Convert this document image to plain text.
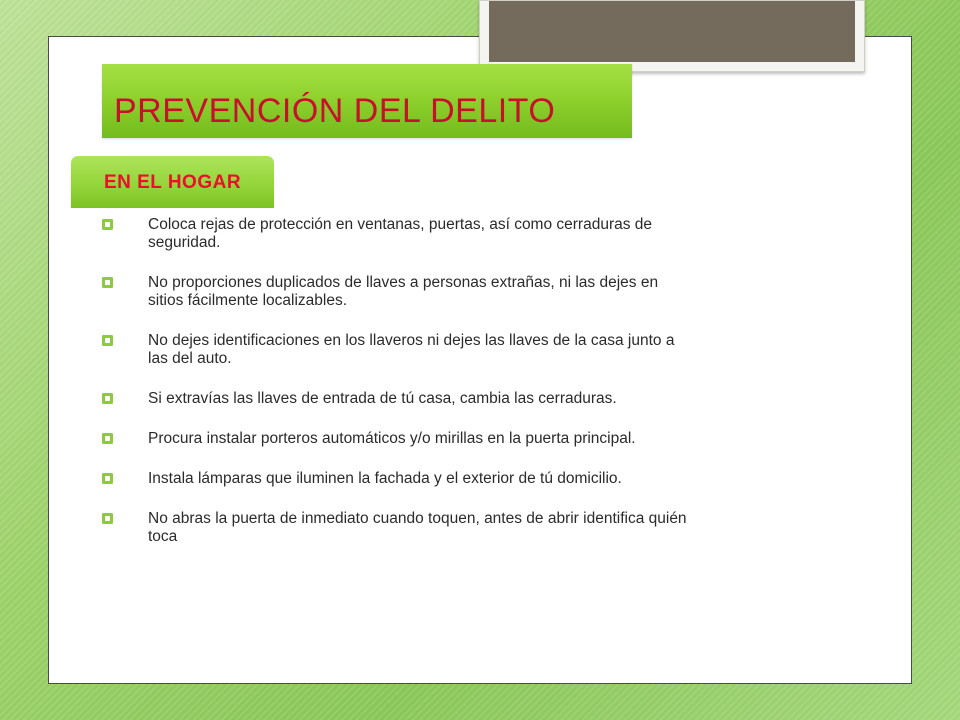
PREVENCIÓN DEL DELITO
EN EL HOGAR
Coloca rejas de protección en ventanas, puertas, así como cerraduras de
seguridad.
No proporciones duplicados de llaves a personas extrañas, ni las dejes en
sitios fácilmente localizables.
No dejes identificaciones en los llaveros ni dejes las llaves de la casa junto a
las del auto.
Si extravías las llaves de entrada de tú casa, cambia las cerraduras.
Procura instalar porteros automáticos y/o mirillas en la puerta principal.
Instala lámparas que iluminen la fachada y el exterior de tú domicilio.
No abras la puerta de inmediato cuando toquen, antes de abrir identifica quién
toca
